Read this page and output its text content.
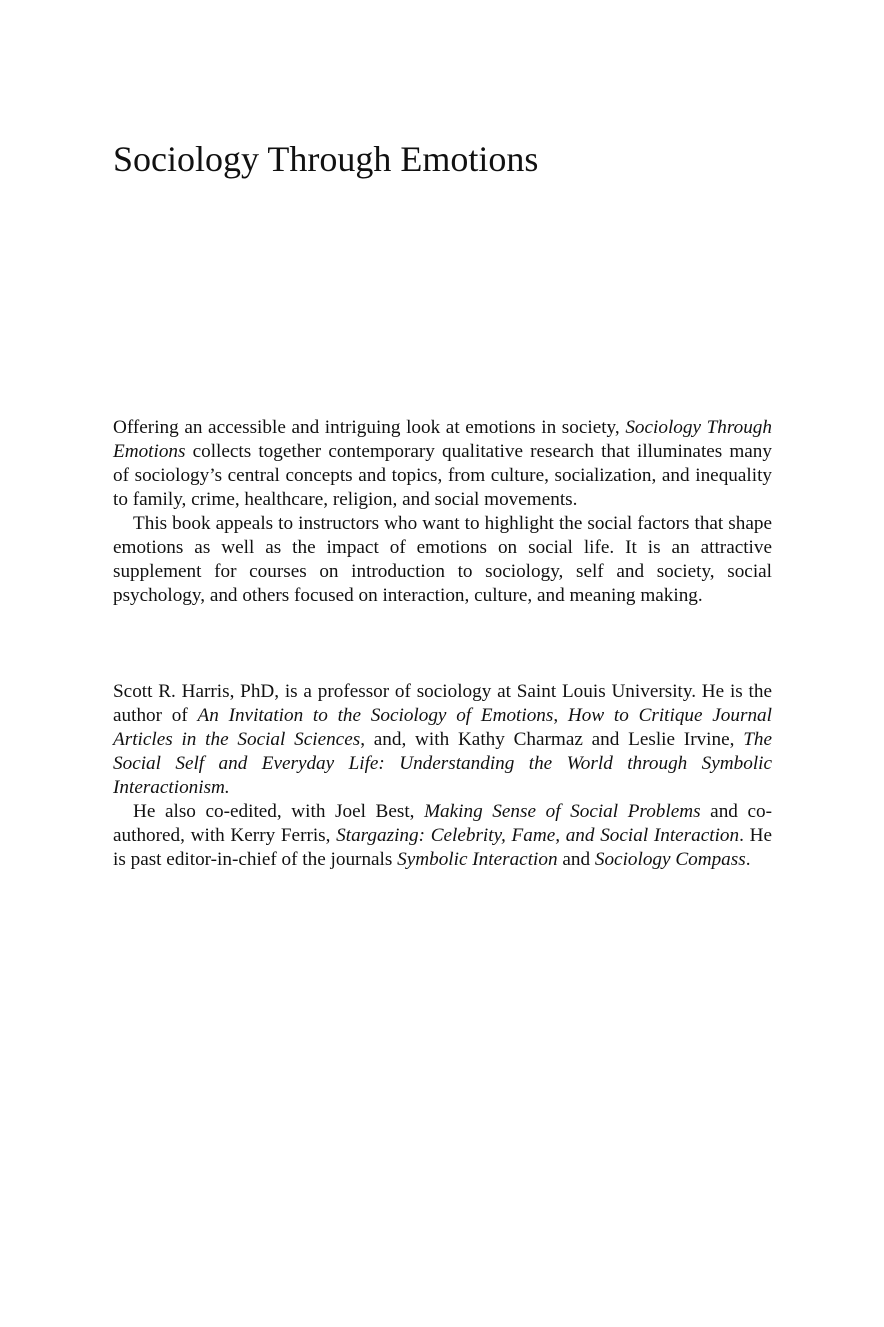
Sociology Through Emotions

Offering an accessible and intriguing look at emotions in society, Sociology Through Emotions collects together contemporary qualitative research that illuminates many of sociology’s central concepts and topics, from culture, socialization, and inequality to family, crime, healthcare, religion, and social movements.

This book appeals to instructors who want to highlight the social factors that shape emotions as well as the impact of emotions on social life. It is an attractive supplement for courses on introduction to sociology, self and society, social psychology, and others focused on interaction, culture, and meaning making.

Scott R. Harris, PhD, is a professor of sociology at Saint Louis University. He is the author of An Invitation to the Sociology of Emotions, How to Critique Journal Articles in the Social Sciences, and, with Kathy Charmaz and Leslie Irvine, The Social Self and Everyday Life: Understanding the World through Symbolic Interactionism.

He also co-edited, with Joel Best, Making Sense of Social Problems and co-authored, with Kerry Ferris, Stargazing: Celebrity, Fame, and Social Interaction. He is past editor-in-chief of the journals Symbolic Interaction and Sociology Compass.
